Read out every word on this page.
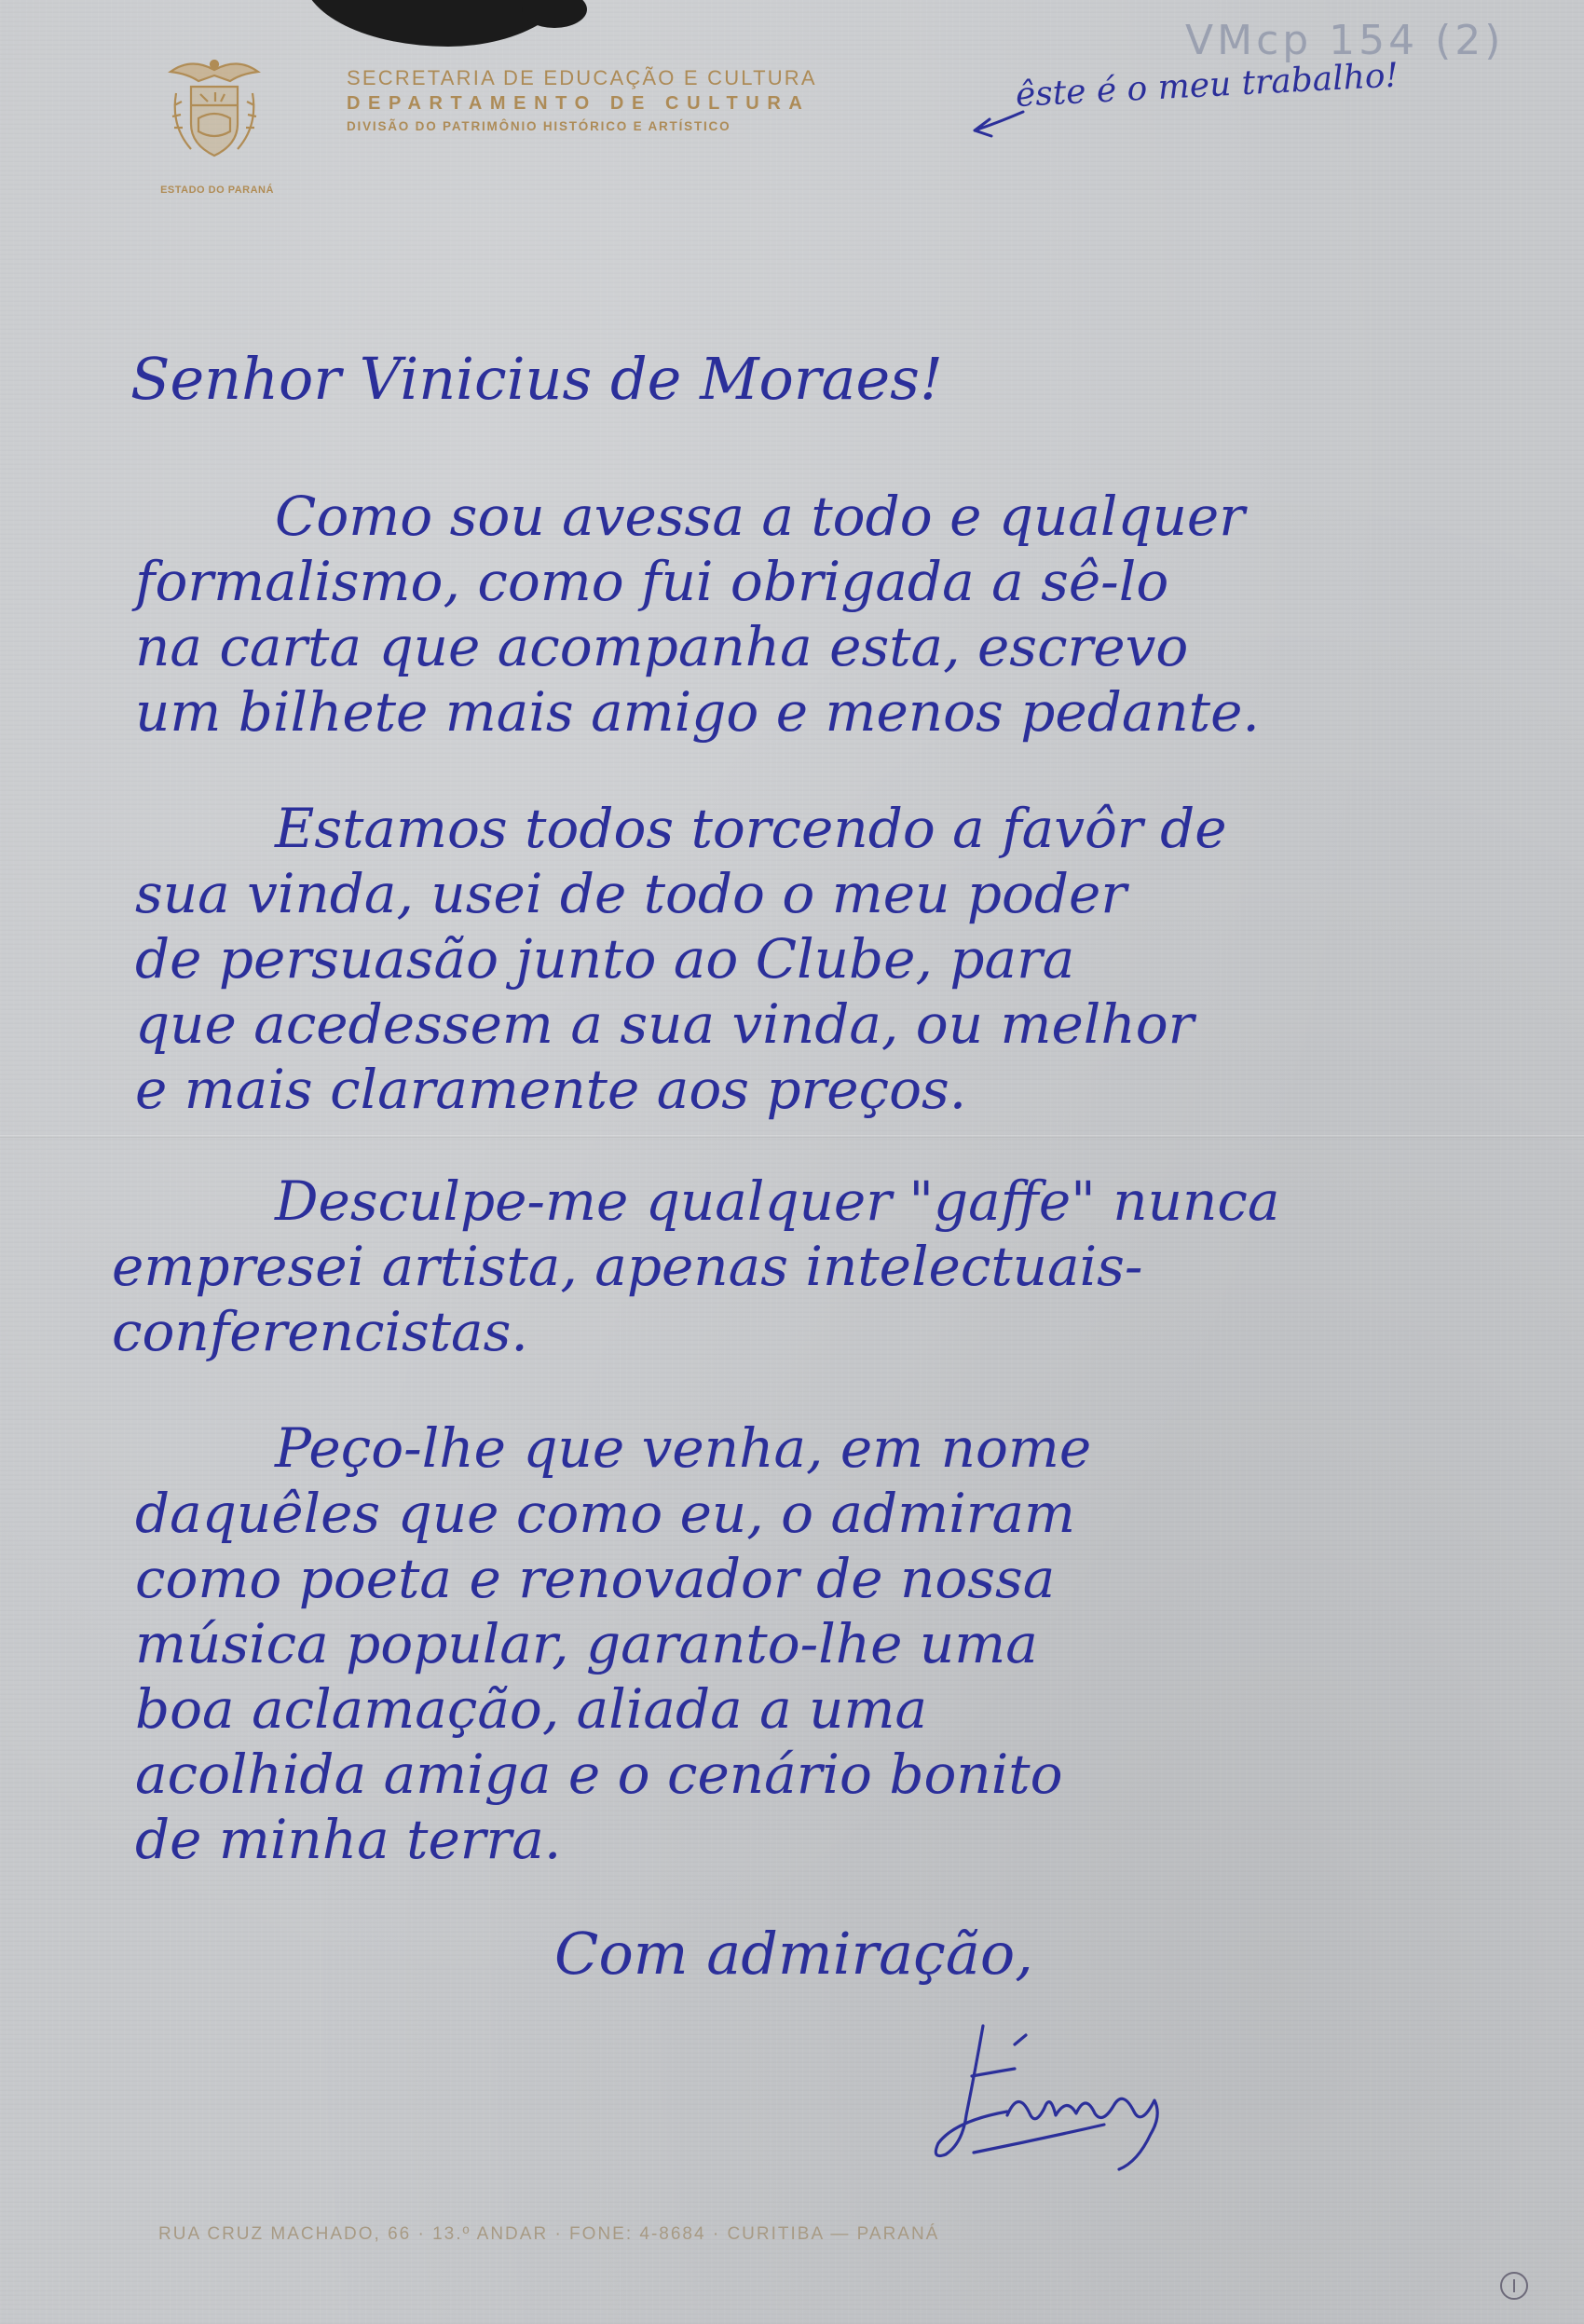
ESTADO DO PARANÁ
SECRETARIA DE EDUCAÇÃO E CULTURA
DEPARTAMENTO DE CULTURA
DIVISÃO DO PATRIMÔNIO HISTÓRICO E ARTÍSTICO
VMcp 154 (2)
êste é o meu trabalho!
Senhor Vinicius de Moraes!
Como sou avessa a todo e qualquer
formalismo, como fui obrigada a sê-lo
na carta que acompanha esta, escrevo
um bilhete mais amigo e menos pedante.
Estamos todos torcendo a favôr de
sua vinda, usei de todo o meu poder
de persuasão junto ao Clube, para
que acedessem a sua vinda, ou melhor
e mais claramente aos preços.
Desculpe-me qualquer "gaffe" nunca
empresei artista, apenas intelectuais-
conferencistas.
Peço-lhe que venha, em nome
daquêles que como eu, o admiram
como poeta e renovador de nossa
música popular, garanto-lhe uma
boa aclamação, aliada a uma
acolhida amiga e o cenário bonito
de minha terra.
Com admiração,
RUA CRUZ MACHADO, 66 · 13.º ANDAR · FONE: 4-8684 · CURITIBA — PARANÁ
